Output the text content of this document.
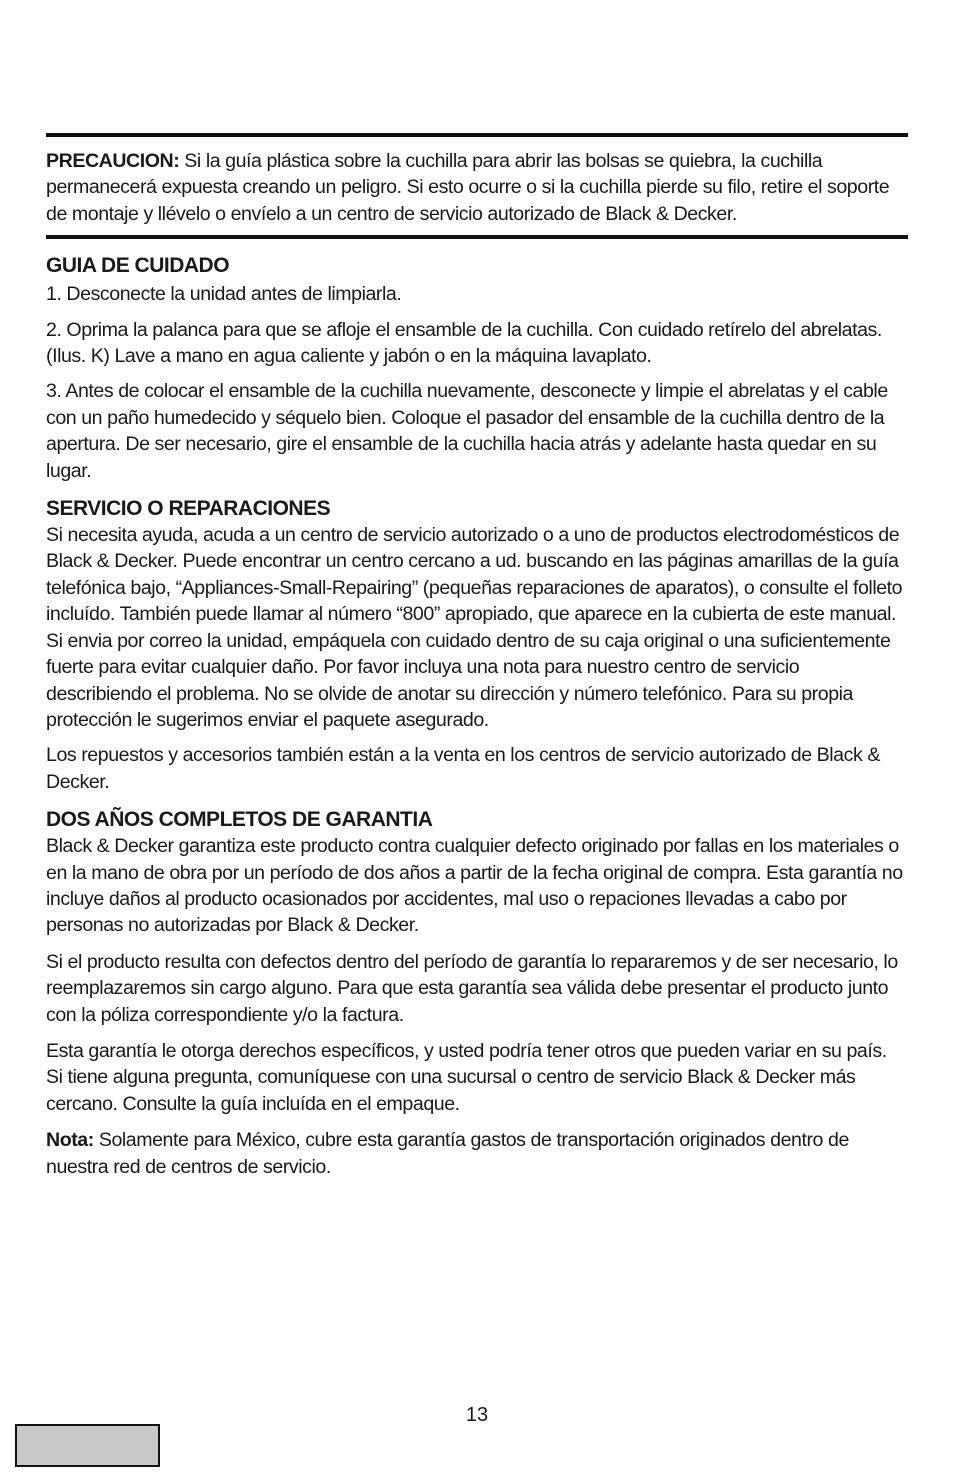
PRECAUCION: Si la guía plástica sobre la cuchilla para abrir las bolsas se quiebra, la cuchilla permanecerá expuesta creando un peligro. Si esto ocurre o si la cuchilla pierde su filo, retire el soporte de montaje y llévelo o envíelo a un centro de servicio autorizado de Black & Decker.
GUIA DE CUIDADO

1. Desconecte la unidad antes de limpiarla.

2. Oprima la palanca para que se afloje el ensamble de la cuchilla. Con cuidado retírelo del abrelatas. (Ilus. K) Lave a mano en agua caliente y jabón o en la máquina lavaplato.

3. Antes de colocar el ensamble de la cuchilla nuevamente, desconecte y limpie el abrelatas y el cable con un paño humedecido y séquelo bien. Coloque el pasador del ensamble de la cuchilla dentro de la apertura. De ser necesario, gire el ensamble de la cuchilla hacia atrás y adelante hasta quedar en su lugar.

SERVICIO O REPARACIONES

Si necesita ayuda, acuda a un centro de servicio autorizado o a uno de productos electrodomésticos de Black & Decker. Puede encontrar un centro cercano a ud. buscando en las páginas amarillas de la guía telefónica bajo, “Appliances-Small-Repairing” (pequeñas reparaciones de aparatos), o consulte el folleto incluído. También puede llamar al número “800” apropiado, que aparece en la cubierta de este manual. Si envia por correo la unidad, empáquela con cuidado dentro de su caja original o una suficientemente fuerte para evitar cualquier daño. Por favor incluya una nota para nuestro centro de servicio describiendo el problema. No se olvide de anotar su dirección y número telefónico. Para su propia protección le sugerimos enviar el paquete asegurado.

Los repuestos y accesorios también están a la venta en los centros de servicio autorizado de Black & Decker.

DOS AÑOS COMPLETOS DE GARANTIA

Black & Decker garantiza este producto contra cualquier defecto originado por fallas en los materiales o en la mano de obra por un período de dos años a partir de la fecha original de compra. Esta garantía no incluye daños al producto ocasionados por accidentes, mal uso o repaciones llevadas a cabo por personas no autorizadas por Black & Decker.

Si el producto resulta con defectos dentro del período de garantía lo repararemos y de ser necesario, lo reemplazaremos sin cargo alguno. Para que esta garantía sea válida debe presentar el producto junto con la póliza correspondiente y/o la factura.

Esta garantía le otorga derechos específicos, y usted podría tener otros que pueden variar en su país. Si tiene alguna pregunta, comuníquese con una sucursal o centro de servicio Black & Decker más cercano. Consulte la guía incluída en el empaque.

Nota: Solamente para México, cubre esta garantía gastos de transportación originados dentro de nuestra red de centros de servicio.

13
